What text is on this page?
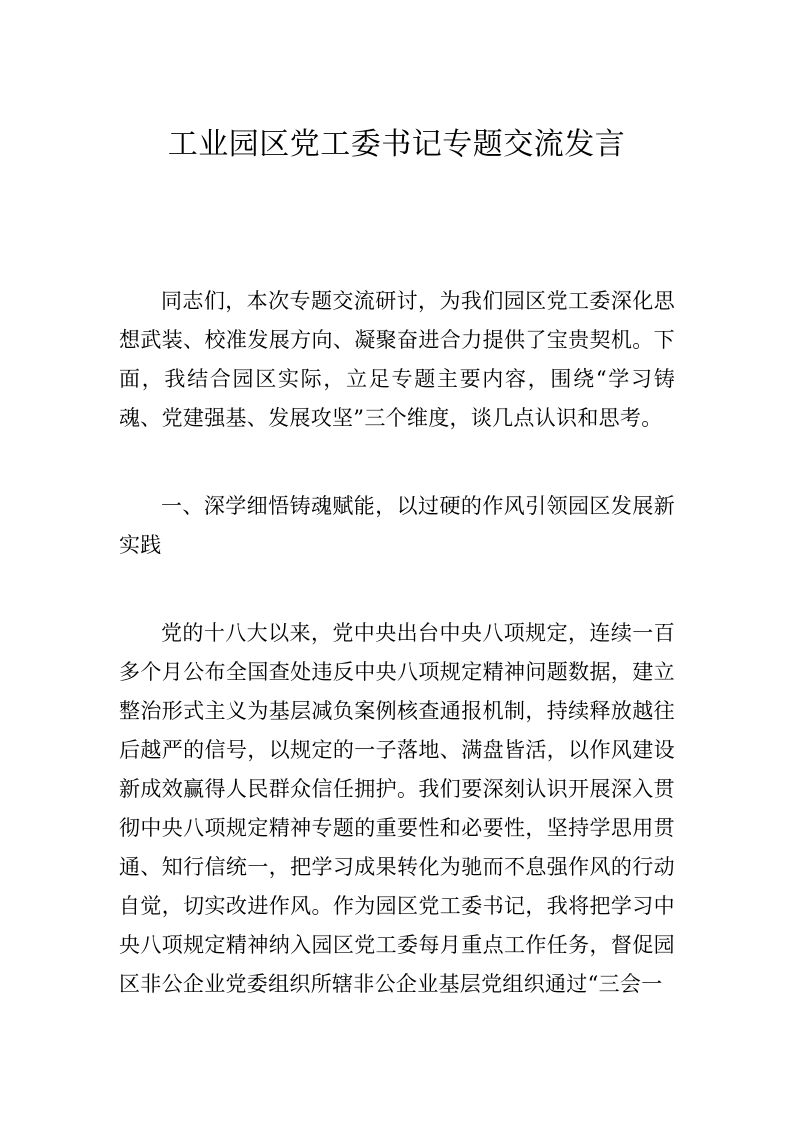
工业园区党工委书记专题交流发言

同志们，本次专题交流研讨，为我们园区党工委深化思想武装、校准发展方向、凝聚奋进合力提供了宝贵契机。下面，我结合园区实际，立足专题主要内容，围绕“学习铸魂、党建强基、发展攻坚”三个维度，谈几点认识和思考。

一、深学细悟铸魂赋能，以过硬的作风引领园区发展新实践

党的十八大以来，党中央出台中央八项规定，连续一百多个月公布全国查处违反中央八项规定精神问题数据，建立整治形式主义为基层减负案例核查通报机制，持续释放越往后越严的信号，以规定的一子落地、满盘皆活，以作风建设新成效赢得人民群众信任拥护。我们要深刻认识开展深入贯彻中央八项规定精神专题的重要性和必要性，坚持学思用贯通、知行信统一，把学习成果转化为驰而不息强作风的行动自觉，切实改进作风。作为园区党工委书记，我将把学习中央八项规定精神纳入园区党工委每月重点工作任务，督促园区非公企业党委组织所辖非公企业基层党组织通过“三会一
